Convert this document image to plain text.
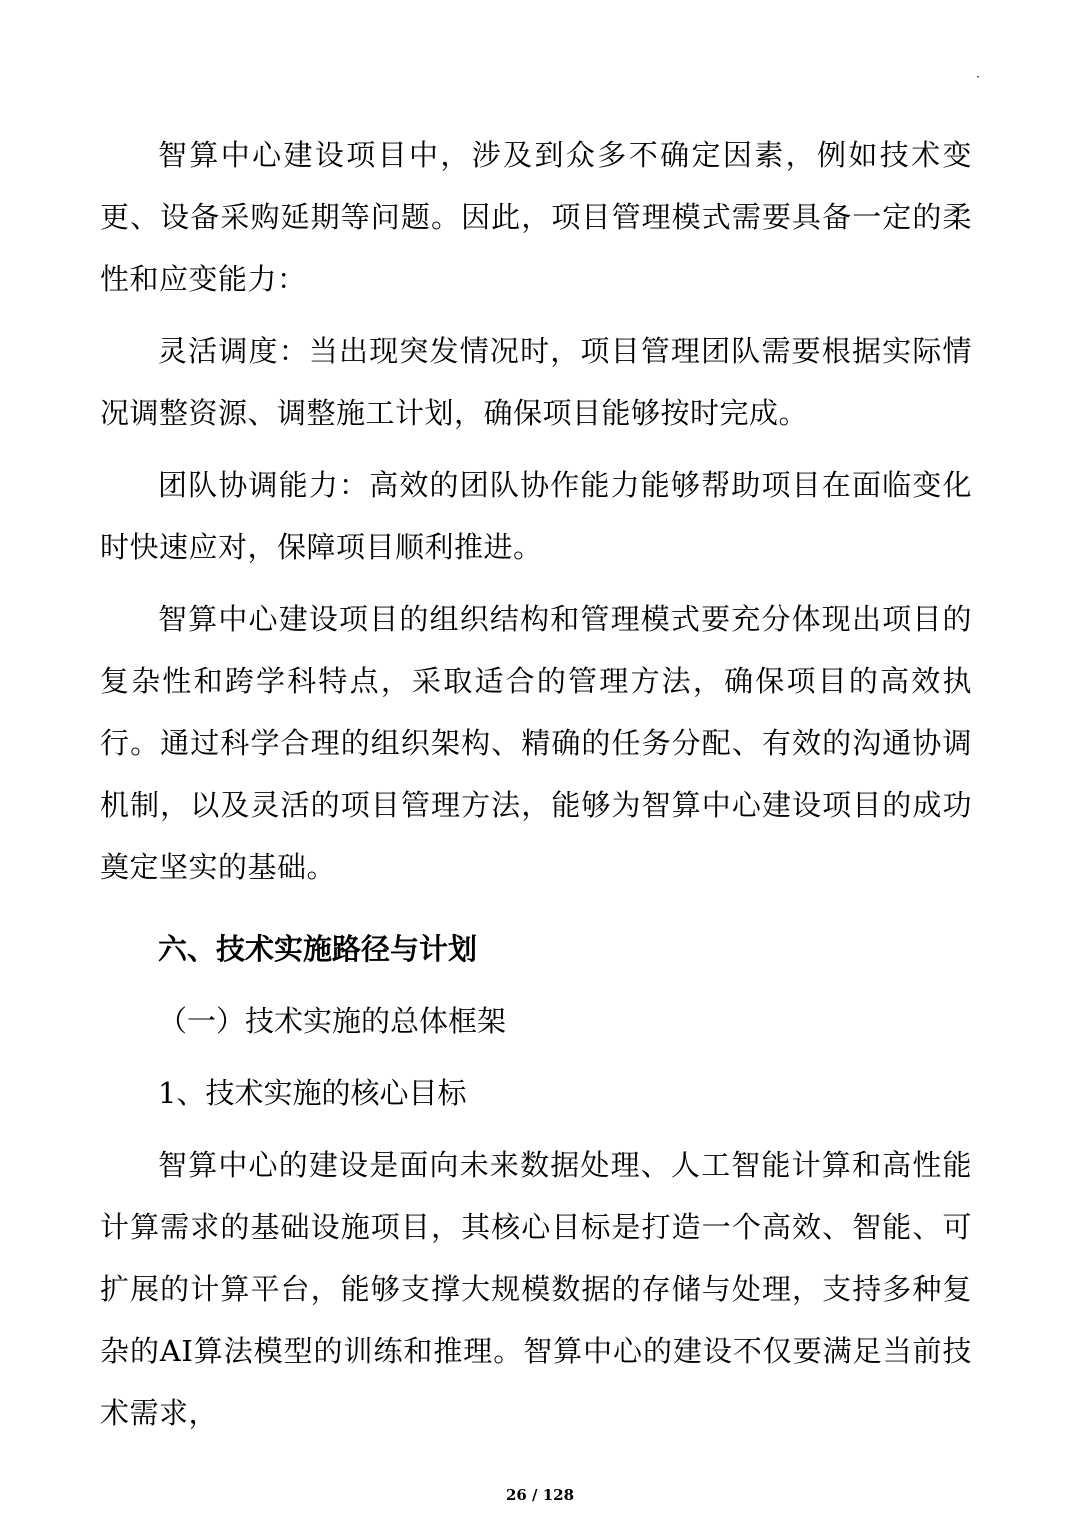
·

智算中心建设项目中，涉及到众多不确定因素，例如技术变更、设备采购延期等问题。因此，项目管理模式需要具备一定的柔性和应变能力：

灵活调度：当出现突发情况时，项目管理团队需要根据实际情况调整资源、调整施工计划，确保项目能够按时完成。

团队协调能力：高效的团队协作能力能够帮助项目在面临变化时快速应对，保障项目顺利推进。

智算中心建设项目的组织结构和管理模式要充分体现出项目的复杂性和跨学科特点，采取适合的管理方法，确保项目的高效执行。通过科学合理的组织架构、精确的任务分配、有效的沟通协调机制，以及灵活的项目管理方法，能够为智算中心建设项目的成功奠定坚实的基础。

六、技术实施路径与计划

（一）技术实施的总体框架

1、技术实施的核心目标

智算中心的建设是面向未来数据处理、人工智能计算和高性能计算需求的基础设施项目，其核心目标是打造一个高效、智能、可扩展的计算平台，能够支撑大规模数据的存储与处理，支持多种复杂的AI算法模型的训练和推理。智算中心的建设不仅要满足当前技术需求，

26 / 128
